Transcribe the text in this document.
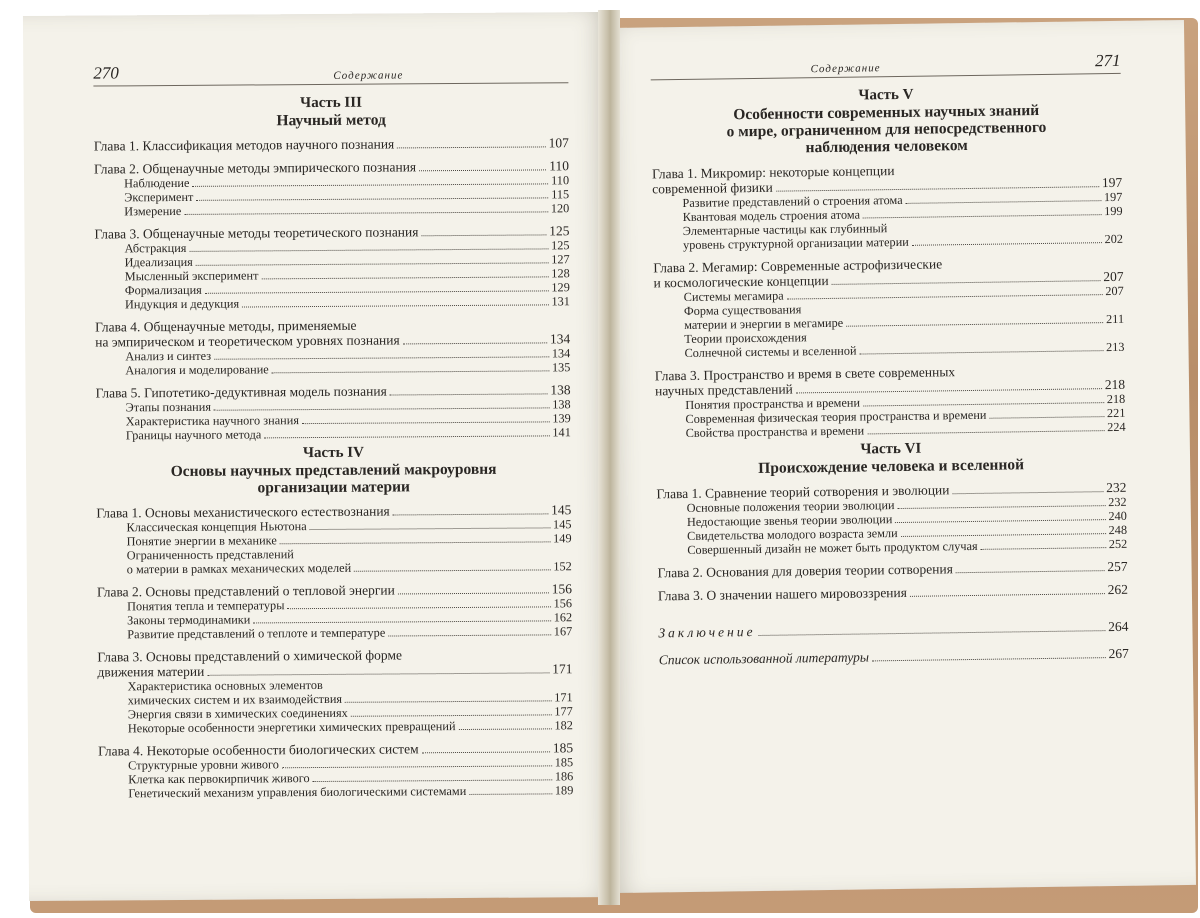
270	Содержание
Часть III
Научный метод
Глава 1. Классификация методов научного познания	107
Глава 2. Общенаучные методы эмпирического познания	110
Наблюдение	110
Эксперимент	115
Измерение	120
Глава 3. Общенаучные методы теоретического познания	125
Абстракция	125
Идеализация	127
Мысленный эксперимент	128
Формализация	129
Индукция и дедукция	131
Глава 4. Общенаучные методы, применяемые
на эмпирическом и теоретическом уровнях познания	134
Анализ и синтез	134
Аналогия и моделирование	135
Глава 5. Гипотетико-дедуктивная модель познания	138
Этапы познания	138
Характеристика научного знания	139
Границы научного метода	141
Часть IV
Основы научных представлений макроуровня
организации материи
Глава 1. Основы механистического естествознания	145
Классическая концепция Ньютона	145
Понятие энергии в механике	149
Ограниченность представлений
о материи в рамках механических моделей	152
Глава 2. Основы представлений о тепловой энергии	156
Понятия тепла и температуры	156
Законы термодинамики	162
Развитие представлений о теплоте и температуре	167
Глава 3. Основы представлений о химической форме
движения материи	171
Характеристика основных элементов
химических систем и их взаимодействия	171
Энергия связи в химических соединениях	177
Некоторые особенности энергетики химических превращений	182
Глава 4. Некоторые особенности биологических систем	185
Структурные уровни живого	185
Клетка как первокирпичик живого	186
Генетический механизм управления биологическими системами	189
Содержание	271
Часть V
Особенности современных научных знаний
о мире, ограниченном для непосредственного
наблюдения человеком
Глава 1. Микромир: некоторые концепции
современной физики	197
Развитие представлений о строения атома	197
Квантовая модель строения атома	199
Элементарные частицы как глубинный
уровень структурной организации материи	202
Глава 2. Мегамир: Современные астрофизические
и космологические концепции	207
Системы мегамира	207
Форма существования
материи и энергии в мегамире	211
Теории происхождения
Солнечной системы и вселенной	213
Глава 3. Пространство и время в свете современных
научных представлений	218
Понятия пространства и времени	218
Современная физическая теория пространства и времени	221
Свойства пространства и времени	224
Часть VI
Происхождение человека и вселенной
Глава 1. Сравнение теорий сотворения и эволюции	232
Основные положения теории эволюции	232
Недостающие звенья теории эволюции	240
Свидетельства молодого возраста земли	248
Совершенный дизайн не может быть продуктом случая	252
Глава 2. Основания для доверия теории сотворения	257
Глава 3. О значении нашего мировоззрения	262
Заключение	264
Список использованной литературы	267
